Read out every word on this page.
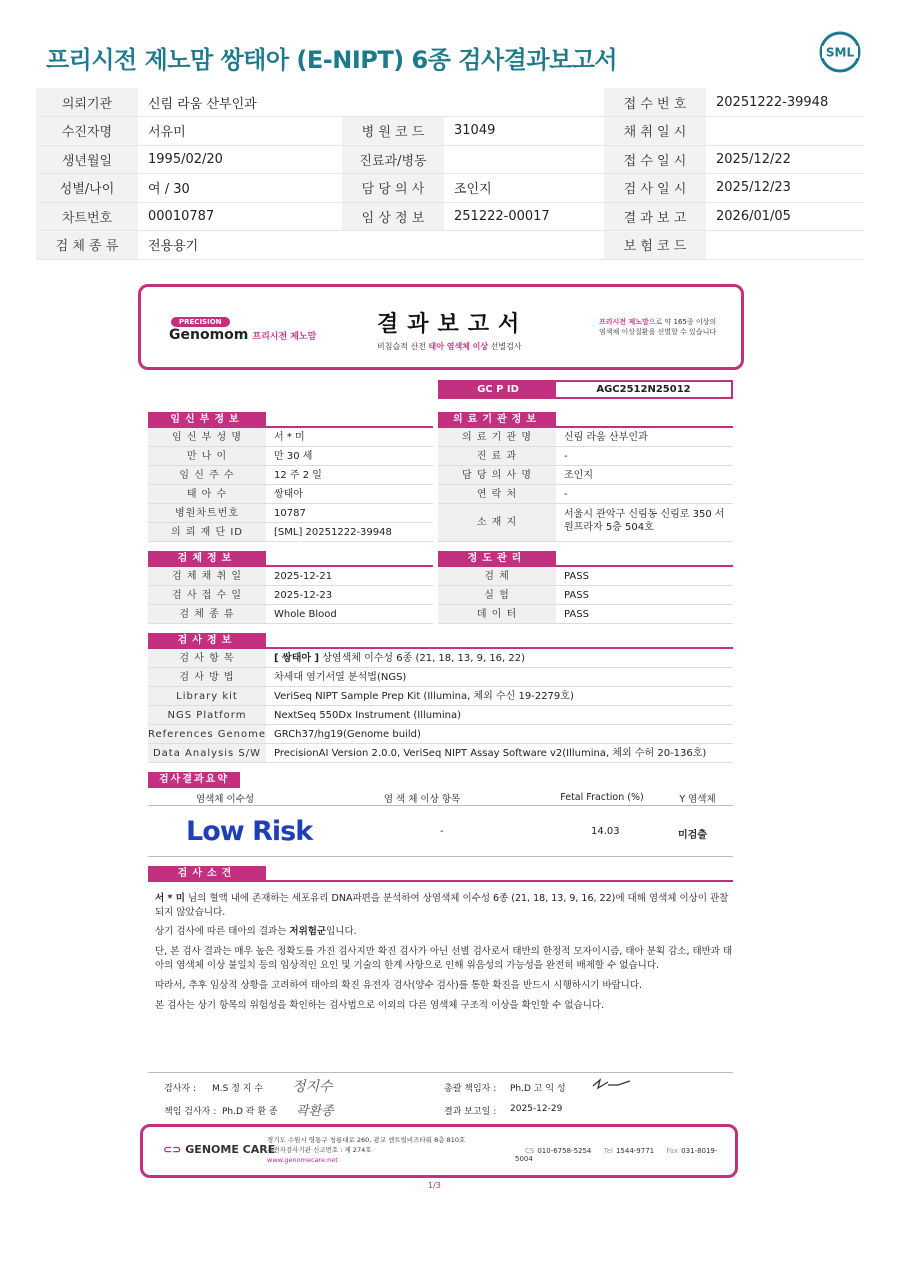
프리시전 제노맘 쌍태아 (E-NIPT) 6종 검사결과보고서	SML
의뢰기관	신림 라움 산부인과			접 수 번 호	20251222-39948
수진자명	서유미	병 원 코 드	31049	채 취 일 시	
생년월일	1995/02/20	진료과/병동		접 수 일 시	2025/12/22
성별/나이	여 / 30	담 당 의 사	조인지	검 사 일 시	2025/12/23
차트번호	00010787	임 상 정 보	251222-00017	결 과 보 고	2026/01/05
검 체 종 류	전용용기			보 험 코 드	
PRECISION
Genomom 프리시전 제노맘	결과보고서
비침습적 산전 태아 염색체 이상 선별검사
프리시전 제노맘으로 약 165종 이상의
염색체 이상질환을 선별할 수 있습니다
GC P ID	AGC2512N25012
임신부정보
임 신 부 성 명	서 * 미
만 나 이	만 30 세
임 신 주 수	12 주 2 일
태 아 수	쌍태아
병원차트번호	10787
의 뢰 재 단 ID	[SML] 20251222-39948
의료기관정보
의 료 기 관 명	신림 라움 산부인과
진 료 과	-
담 당 의 사 명	조인지
연 락 처	-
소 재 지
서울시 관악구 신림동 신림로 350 서원프라자 5층 504호
검체정보
검 체 채 취 일	2025-12-21
검 사 접 수 일	2025-12-23
검 체 종 류	Whole Blood
정도관리
검 체	PASS
실 험	PASS
데 이 터	PASS
검사정보
검 사 항 목	[ 쌍태아 ] 상염색체 이수성 6종 (21, 18, 13, 9, 16, 22)
검 사 방 법	차세대 염기서열 분석법(NGS)
Library kit	VeriSeq NIPT Sample Prep Kit (Illumina, 체외 수신 19-2279호)
NGS Platform	NextSeq 550Dx Instrument (Illumina)
References Genome GRCh37/hg19(Genome build)
Data Analysis S/W	PrecisionAI Version 2.0.0, VeriSeq NIPT Assay Software v2(Illumina, 체외 수허 20-136호)
검사결과요약
염색체 이수성	염 색 체 이상 항목	Fetal Fraction (%)	Y 염색체
Low Risk	-	14.03	미검출
검사소견
서 * 미 님의 혈액 내에 존재하는 세포유리 DNA파편을 분석하여 상염색체 이수성 6종 (21, 18, 13, 9, 16, 22)에 대해 염색체 이상이 관찰되지 않았습니다.
상기 검사에 따른 태아의 결과는 저위험군입니다.
단, 본 검사 결과는 매우 높은 정확도를 가진 검사지만 확진 검사가 아닌 선별 검사로서 태반의 한정적 모자이시즘, 태아 분획 감소, 태반과 태아의 염색체 이상 불일치 등의 임상적인 요인 및 기술의 한계 사항으로 인해 위음성의 가능성을 완전히 배제할 수 없습니다.
따라서, 추후 임상적 상황을 고려하여 태아의 확진 유전자 검사(양수 검사)를 통한 확진을 반드시 시행하시기 바랍니다.
본 검사는 상기 항목의 위험성을 확인하는 검사법으로 이외의 다른 염색체 구조적 이상을 확인할 수 없습니다.
검사자 : M.S 정 지 수 정지수
책임 검사자 : Ph.D 곽 환 종 곽환종
총괄 책임자 : Ph.D 고 익 성
결과 보고일 : 2025-12-29
⊂⊃ GENOME CARE
경기도 수원시 영통구 청룡대로 260, 광교 센트럴비즈타워 8층 810호
유전자검사기관 신고번호 : 제 274호
www.genomecare.net
CS 010-6758-5254 Tel 1544-9771 Fax 031-8019-5004
1/3
